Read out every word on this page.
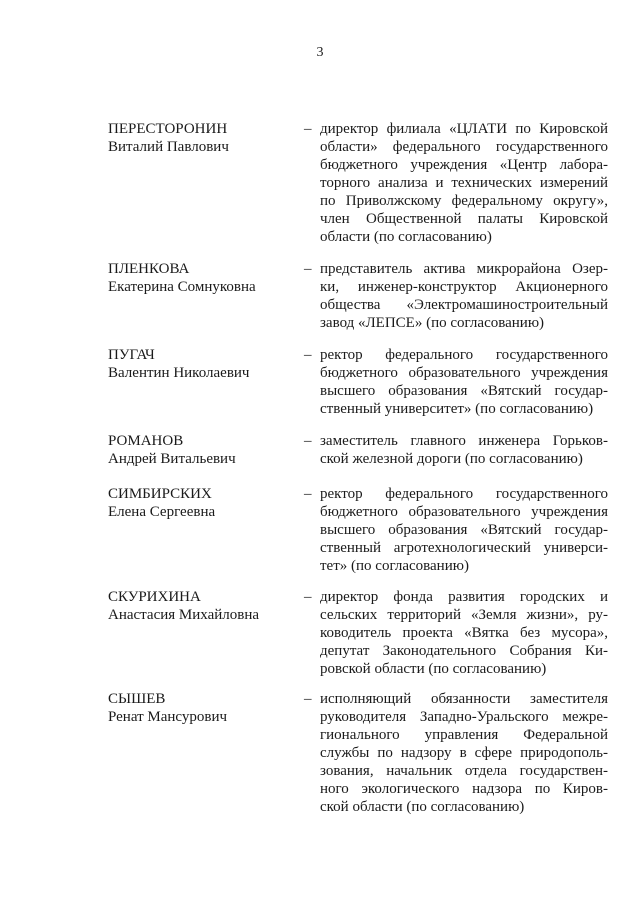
3
ПЕРЕСТОРОНИН
Виталий Павлович
– директор филиала «ЦЛАТИ по Кировской
области» федерального государственного
бюджетного учреждения «Центр лабора-
торного анализа и технических измерений
по Приволжскому федеральному округу»,
член Общественной палаты Кировской
области (по согласованию)
ПЛЕНКОВА
Екатерина Сомнуковна
– представитель актива микрорайона Озер-
ки, инженер-конструктор Акционерного
общества «Электромашиностроительный
завод «ЛЕПСЕ» (по согласованию)
ПУГАЧ
Валентин Николаевич
– ректор федерального государственного
бюджетного образовательного учреждения
высшего образования «Вятский государ-
ственный университет» (по согласованию)
РОМАНОВ
Андрей Витальевич
– заместитель главного инженера Горьков-
ской железной дороги (по согласованию)
СИМБИРСКИХ
Елена Сергеевна
– ректор федерального государственного
бюджетного образовательного учреждения
высшего образования «Вятский государ-
ственный агротехнологический универси-
тет» (по согласованию)
СКУРИХИНА
Анастасия Михайловна
– директор фонда развития городских и
сельских территорий «Земля жизни», ру-
ководитель проекта «Вятка без мусора»,
депутат Законодательного Собрания Ки-
ровской области (по согласованию)
СЫШЕВ
Ренат Мансурович
– исполняющий обязанности заместителя
руководителя Западно-Уральского межре-
гионального управления Федеральной
службы по надзору в сфере природополь-
зования, начальник отдела государствен-
ного экологического надзора по Киров-
ской области (по согласованию)
